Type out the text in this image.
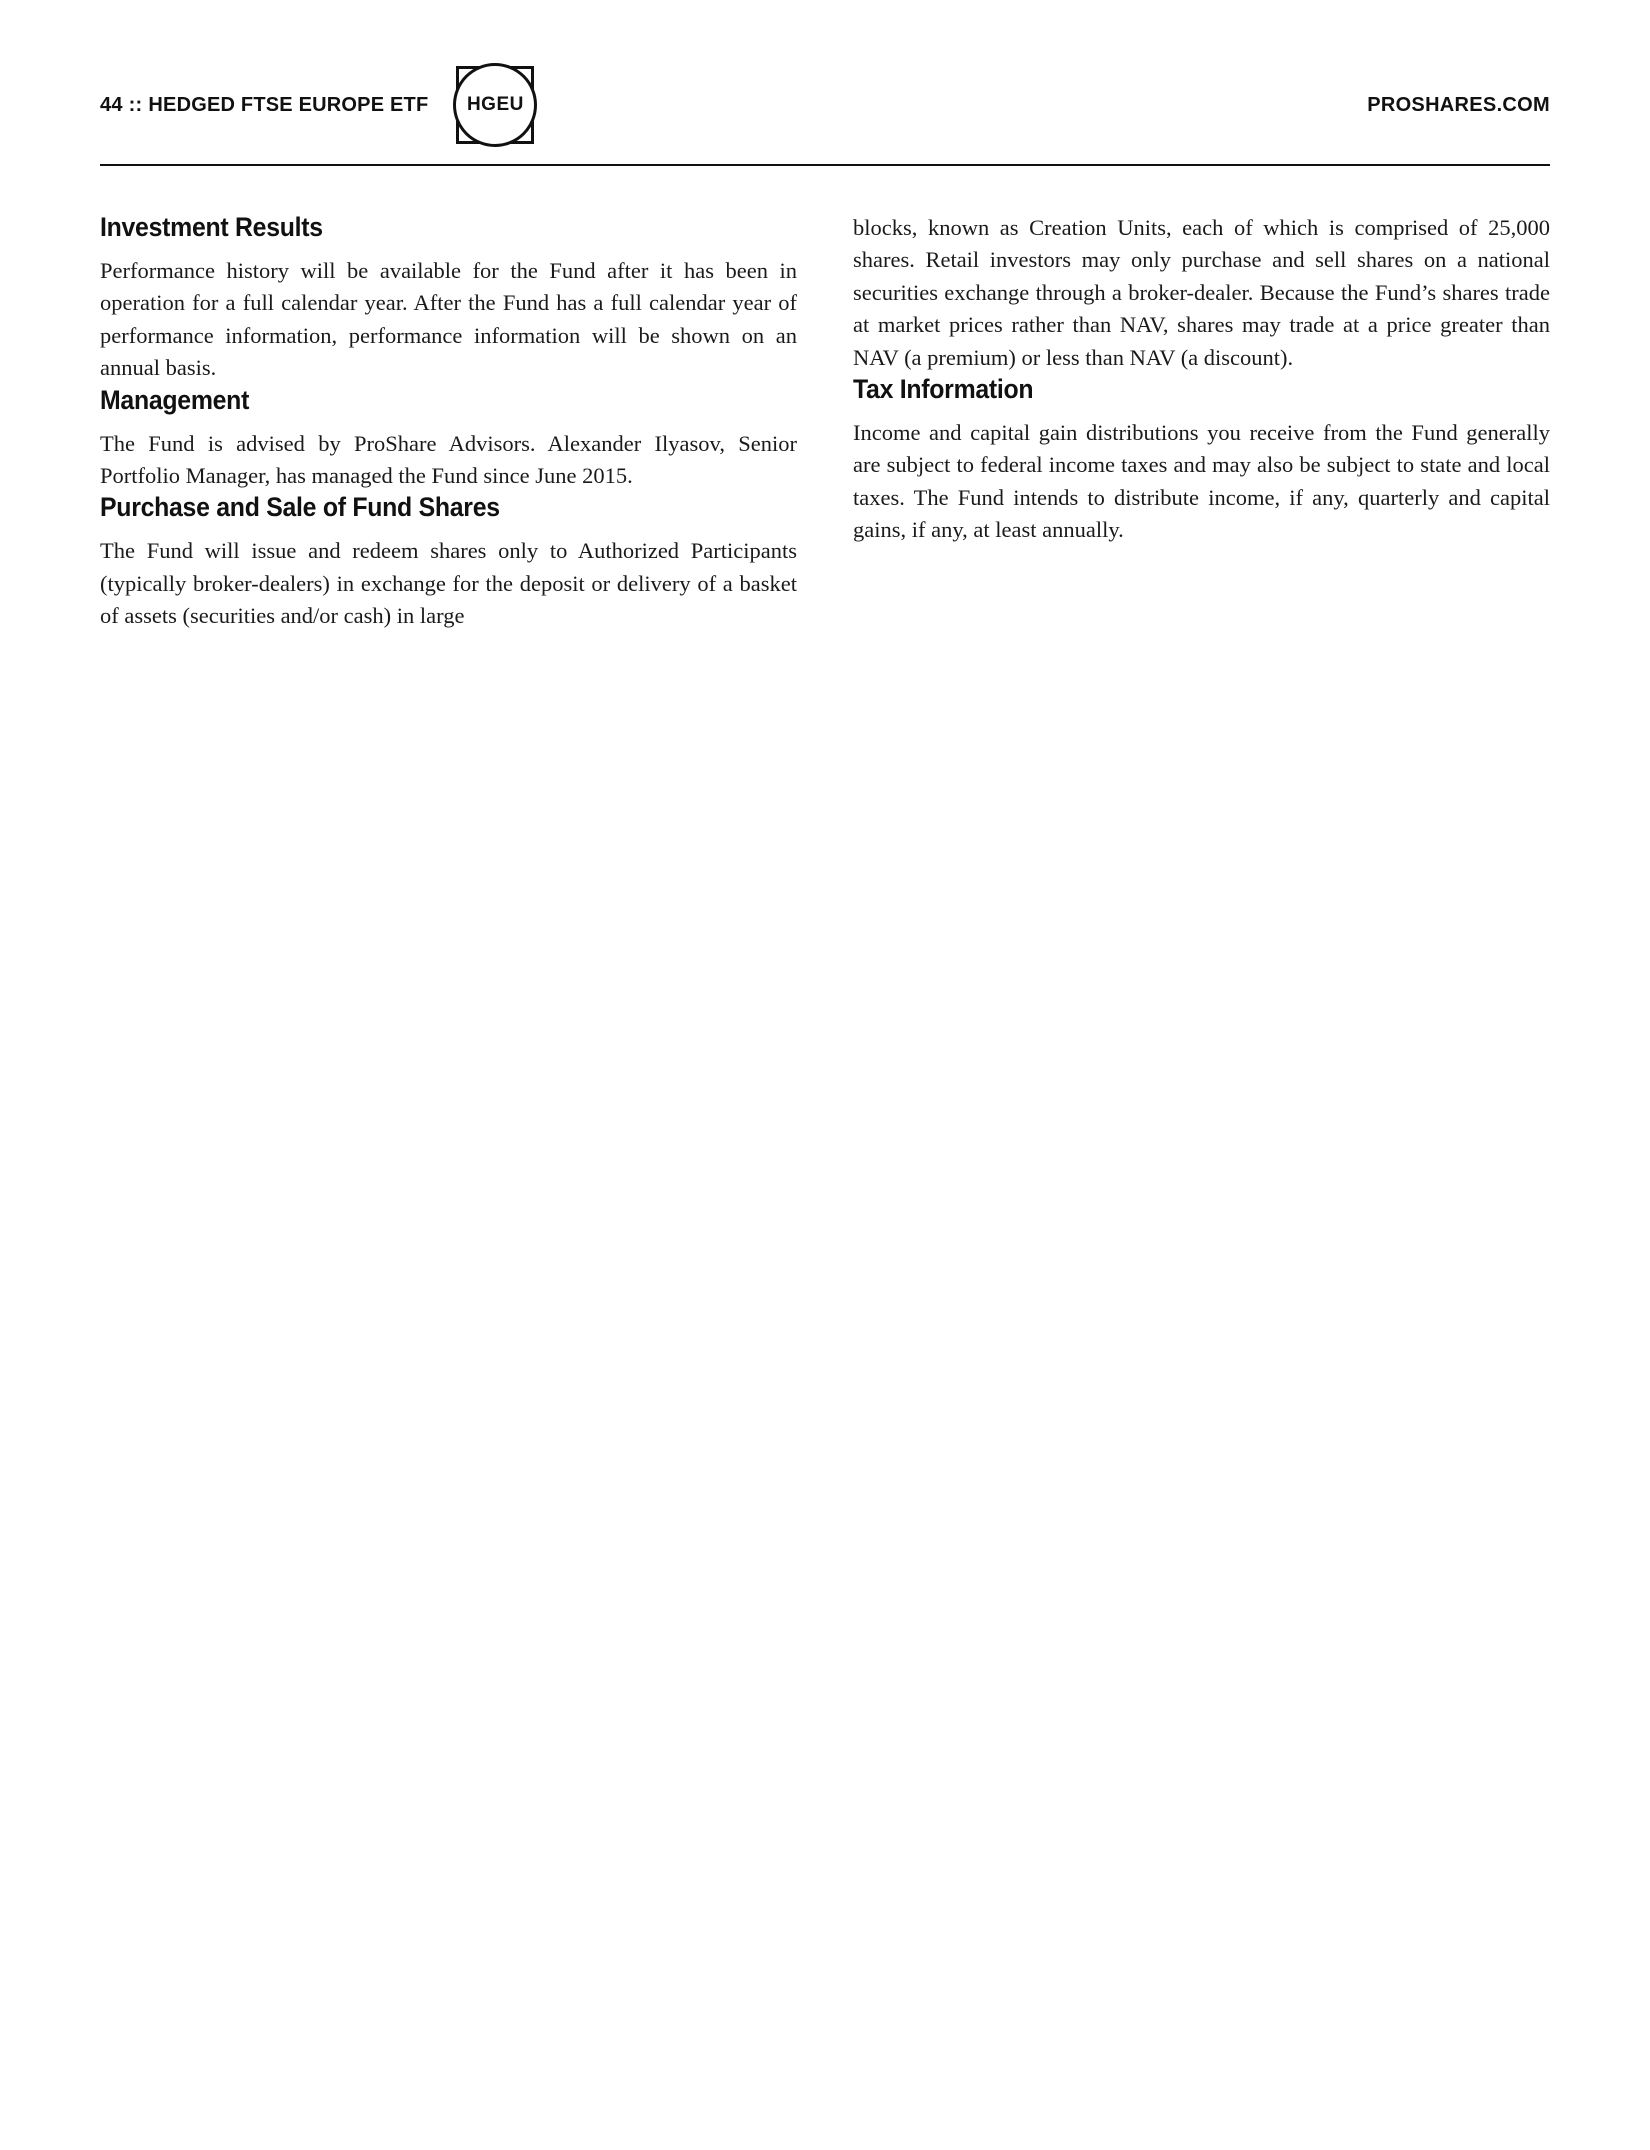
44 :: HEDGED FTSE EUROPE ETF HGEU	PROSHARES.COM
Investment Results

Performance history will be available for the Fund after it has been in operation for a full calendar year. After the Fund has a full calendar year of performance information, performance information will be shown on an annual basis.

Management

The Fund is advised by ProShare Advisors. Alexander Ilyasov, Senior Portfolio Manager, has managed the Fund since June 2015.

Purchase and Sale of Fund Shares

The Fund will issue and redeem shares only to Authorized Participants (typically broker-dealers) in exchange for the deposit or delivery of a basket of assets (securities and/or cash) in large

blocks, known as Creation Units, each of which is comprised of 25,000 shares. Retail investors may only purchase and sell shares on a national securities exchange through a broker-dealer. Because the Fund’s shares trade at market prices rather than NAV, shares may trade at a price greater than NAV (a premium) or less than NAV (a discount).

Tax Information

Income and capital gain distributions you receive from the Fund generally are subject to federal income taxes and may also be subject to state and local taxes. The Fund intends to distribute income, if any, quarterly and capital gains, if any, at least annually.
